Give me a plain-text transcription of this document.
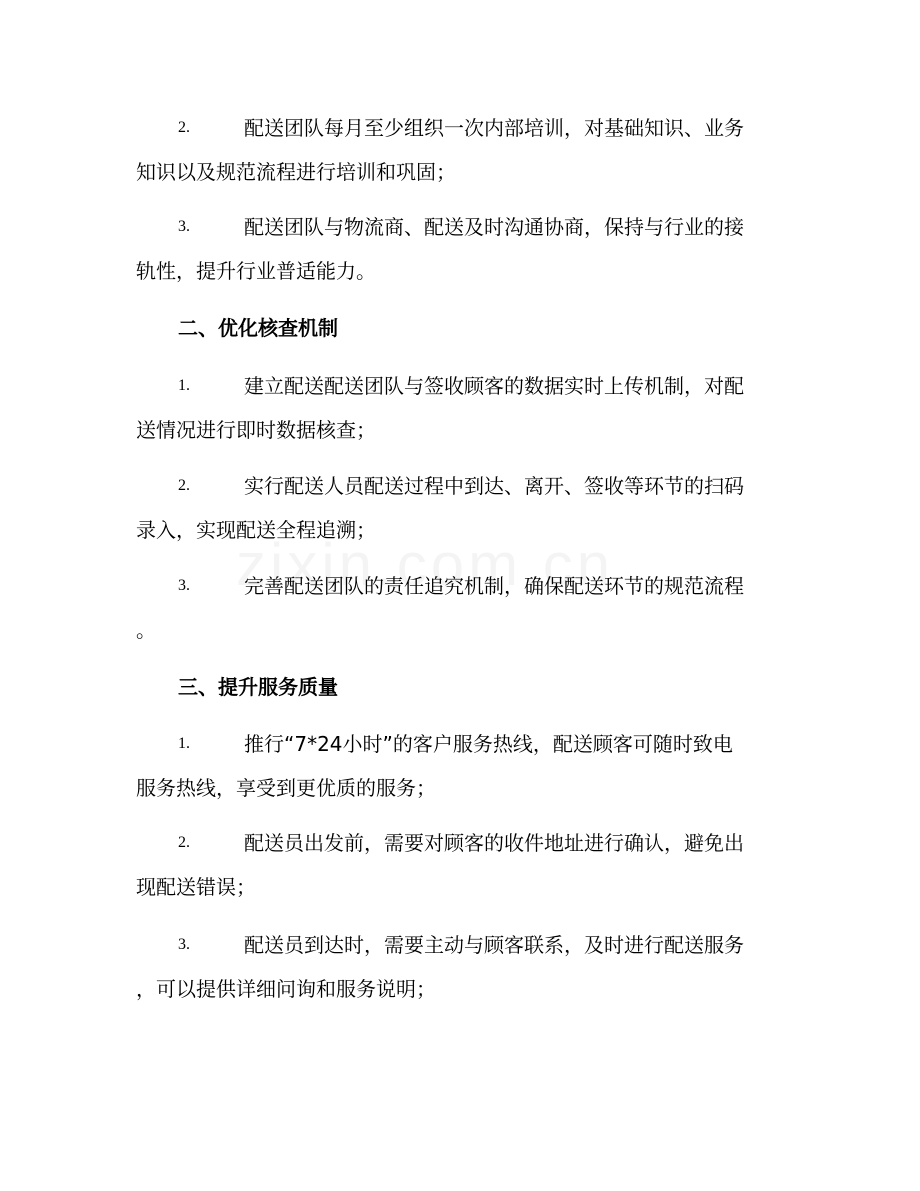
2.	配送团队每月至少组织一次内部培训，对基础知识、业务
知识以及规范流程进行培训和巩固；
3.	配送团队与物流商、配送及时沟通协商，保持与行业的接
轨性，提升行业普适能力。
二、优化核查机制
1.	建立配送配送团队与签收顾客的数据实时上传机制，对配
送情况进行即时数据核查；
2.	实行配送人员配送过程中到达、离开、签收等环节的扫码
录入，实现配送全程追溯；
3.	完善配送团队的责任追究机制，确保配送环节的规范流程
。
三、提升服务质量
1.	推行“7*24小时”的客户服务热线，配送顾客可随时致电
服务热线，享受到更优质的服务；
2.	配送员出发前，需要对顾客的收件地址进行确认，避免出
现配送错误；
3.	配送员到达时，需要主动与顾客联系，及时进行配送服务
，可以提供详细问询和服务说明；
